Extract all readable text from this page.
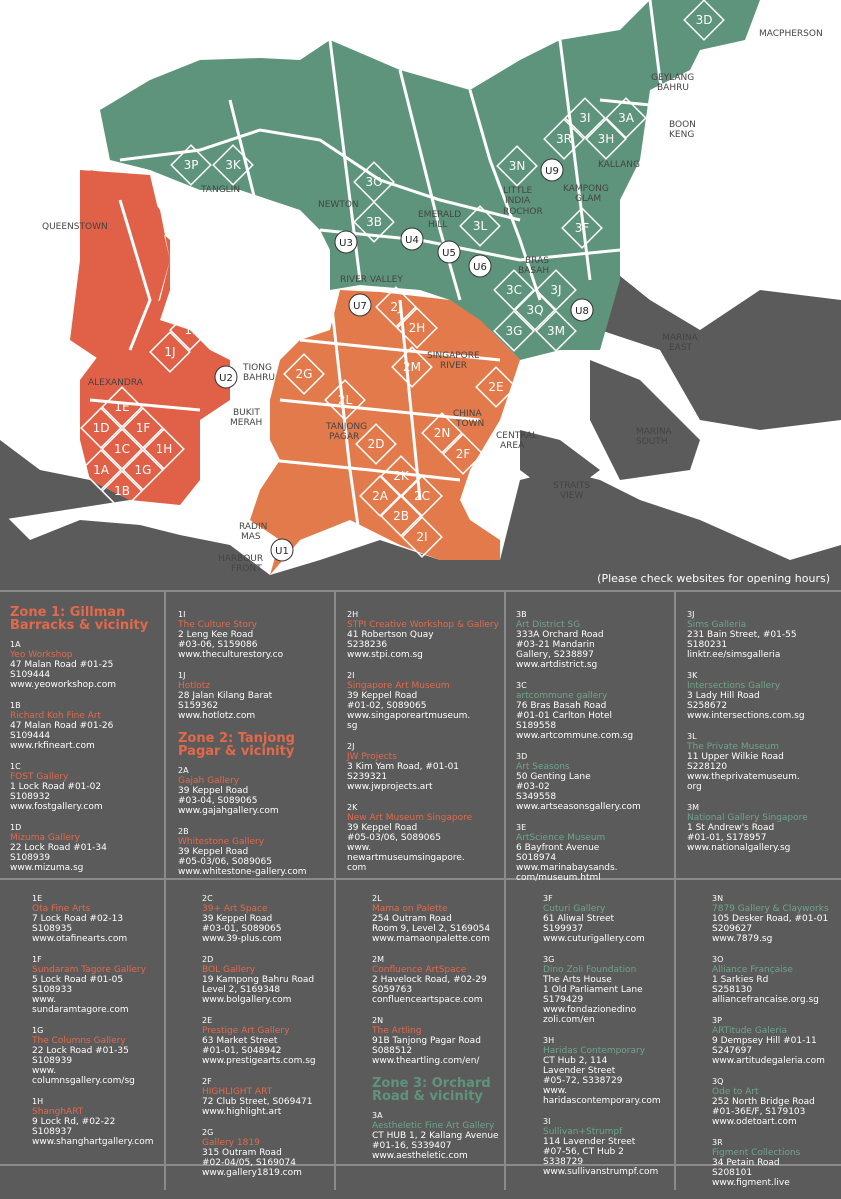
MACPHERSON
GEYLANG
BAHRU
BOON
KENG
QUEENSTOWN
TANGLIN
NEWTON
EMERALD
HILL
LITTLE
INDIA
ROCHOR
KAMPONG
GLAM
KALLANG
BRAS
BASAH
RIVER VALLEY
MARINA
EAST
ALEXANDRA
TIONG
BAHRU
SINGAPORE
RIVER
BUKIT
MERAH	TANJONG
PAGAR
CHINA
TOWN
CENTRAL
AREA
MARINA
SOUTH
STRAITS
VIEW
RADIN
MAS
HARBOUR
FRONT
3D
3I 3A
3R 3H
3P 3K	3N
3O
3B	3L	3F
3C 3J
3Q
3G 3M
3E
2J
2H
2M
2G
2E
2L
2N
2D
2F
2K
2A 2C
2B
2I
1I
1J
1E
1D 1F
1C 1H
1A 1G
1B
U1
U2
U3	U4
U5
U6
U7	U8
U9
(Please check websites for opening hours)
Zone 1: Gillman Barracks & vicinity
1A
Yeo Workshop
47 Malan Road #01-25
S109444
www.yeoworkshop.com
1B
Richard Koh Fine Art
47 Malan Road #01-26
S109444
www.rkfineart.com
1C
FOST Gallery
1 Lock Road #01-02
S108932
www.fostgallery.com
1D
Mizuma Gallery
22 Lock Road #01-34
S108939
www.mizuma.sg
1I
The Culture Story
2 Leng Kee Road
#03-06, S159086
www.theculturestory.co
1J
Hotlotz
28 Jalan Kilang Barat
S159362
www.hotlotz.com
Zone 2: Tanjong Pagar & vicinity
2A
Gajah Gallery
39 Keppel Road
#03-04, S089065
www.gajahgallery.com
2B
Whitestone Gallery
39 Keppel Road
#05-03/06, S089065
www.whitestone-gallery.com
2H
STPI Creative Workshop & Gallery
41 Robertson Quay
S238236
www.stpi.com.sg
2I
Singapore Art Museum
39 Keppel Road
#01-02, S089065
www.singaporeartmuseum.
sg
2J
JW Projects
3 Kim Yam Road, #01-01
S239321
www.jwprojects.art
2K
New Art Museum Singapore
39 Keppel Road
#05-03/06, S089065
www.
newartmuseumsingapore.
com
3B
Art District SG
333A Orchard Road
#03-21 Mandarin
Gallery, S238897
www.artdistrict.sg
3C
artcommune gallery
76 Bras Basah Road
#01-01 Carlton Hotel
S189558
www.artcommune.com.sg
3D
Art Seasons
50 Genting Lane
#03-02
S349558
www.artseasonsgallery.com
3E
ArtScience Museum
6 Bayfront Avenue
S018974
www.marinabaysands.
com/museum.html
3J
Sims Galleria
231 Bain Street, #01-55
S180231
linktr.ee/simsgalleria
3K
Intersections Gallery
3 Lady Hill Road
S258672
www.intersections.com.sg
3L
The Private Museum
11 Upper Wilkie Road
S228120
www.theprivatemuseum.
org
3M
National Gallery Singapore
1 St Andrew's Road
#01-01, S178957
www.nationalgallery.sg
1E
Ota Fine Arts
7 Lock Road #02-13
S108935
www.otafinearts.com
1F
Sundaram Tagore Gallery
5 Lock Road #01-05
S108933
www.
sundaramtagore.com
1G
The Columns Gallery
22 Lock Road #01-35
S108939
www.
columnsgallery.com/sg
1H
ShanghART
9 Lock Rd, #02-22
S108937
www.shanghartgallery.com
2C
39+ Art Space
39 Keppel Road
#03-01, S089065
www.39-plus.com
2D
BOL Gallery
19 Kampong Bahru Road
Level 2, S169348
www.bolgallery.com
2E
Prestige Art Gallery
63 Market Street
#01-01, S048942
www.prestigearts.com.sg
2F
HIGHLIGHT ART
72 Club Street, S069471
www.highlight.art
2G
Gallery 1819
315 Outram Road
#02-04/05, S169074
www.gallery1819.com
2L
Mama on Palette
254 Outram Road
Room 9, Level 2, S169054
www.mamaonpalette.com
2M
Confluence ArtSpace
2 Havelock Road, #02-29
S059763
confluenceartspace.com
2N
The Artling
91B Tanjong Pagar Road
S088512
www.theartling.com/en/
Zone 3: Orchard Road & vicinity
3A
Aestheletic Fine Art Gallery
CT HUB 1, 2 Kallang Avenue
#01-16, S339407
www.aestheletic.com
3F
Cuturi Gallery
61 Aliwal Street
S199937
www.cuturigallery.com
3G
Dino Zoli Foundation
The Arts House
1 Old Parliament Lane
S179429
www.fondazionedino
zoli.com/en
3H
Haridas Contemporary
CT Hub 2, 114
Lavender Street
#05-72, S338729
www.
haridascontemporary.com
3I
Sullivan+Strumpf
114 Lavender Street
#07-56, CT Hub 2
S338729
www.sullivanstrumpf.com
3N
7879 Gallery & Clayworks
105 Desker Road, #01-01
S209627
www.7879.sg
3O
Alliance Française
1 Sarkies Rd
S258130
alliancefrancaise.org.sg
3P
ARTitude Galeria
9 Dempsey Hill #01-11
S247697
www.artitudegaleria.com
3Q
Ode to Art
252 North Bridge Road
#01-36E/F, S179103
www.odetoart.com
3R
Figment Collections
34 Petain Road
S208101
www.figment.live
